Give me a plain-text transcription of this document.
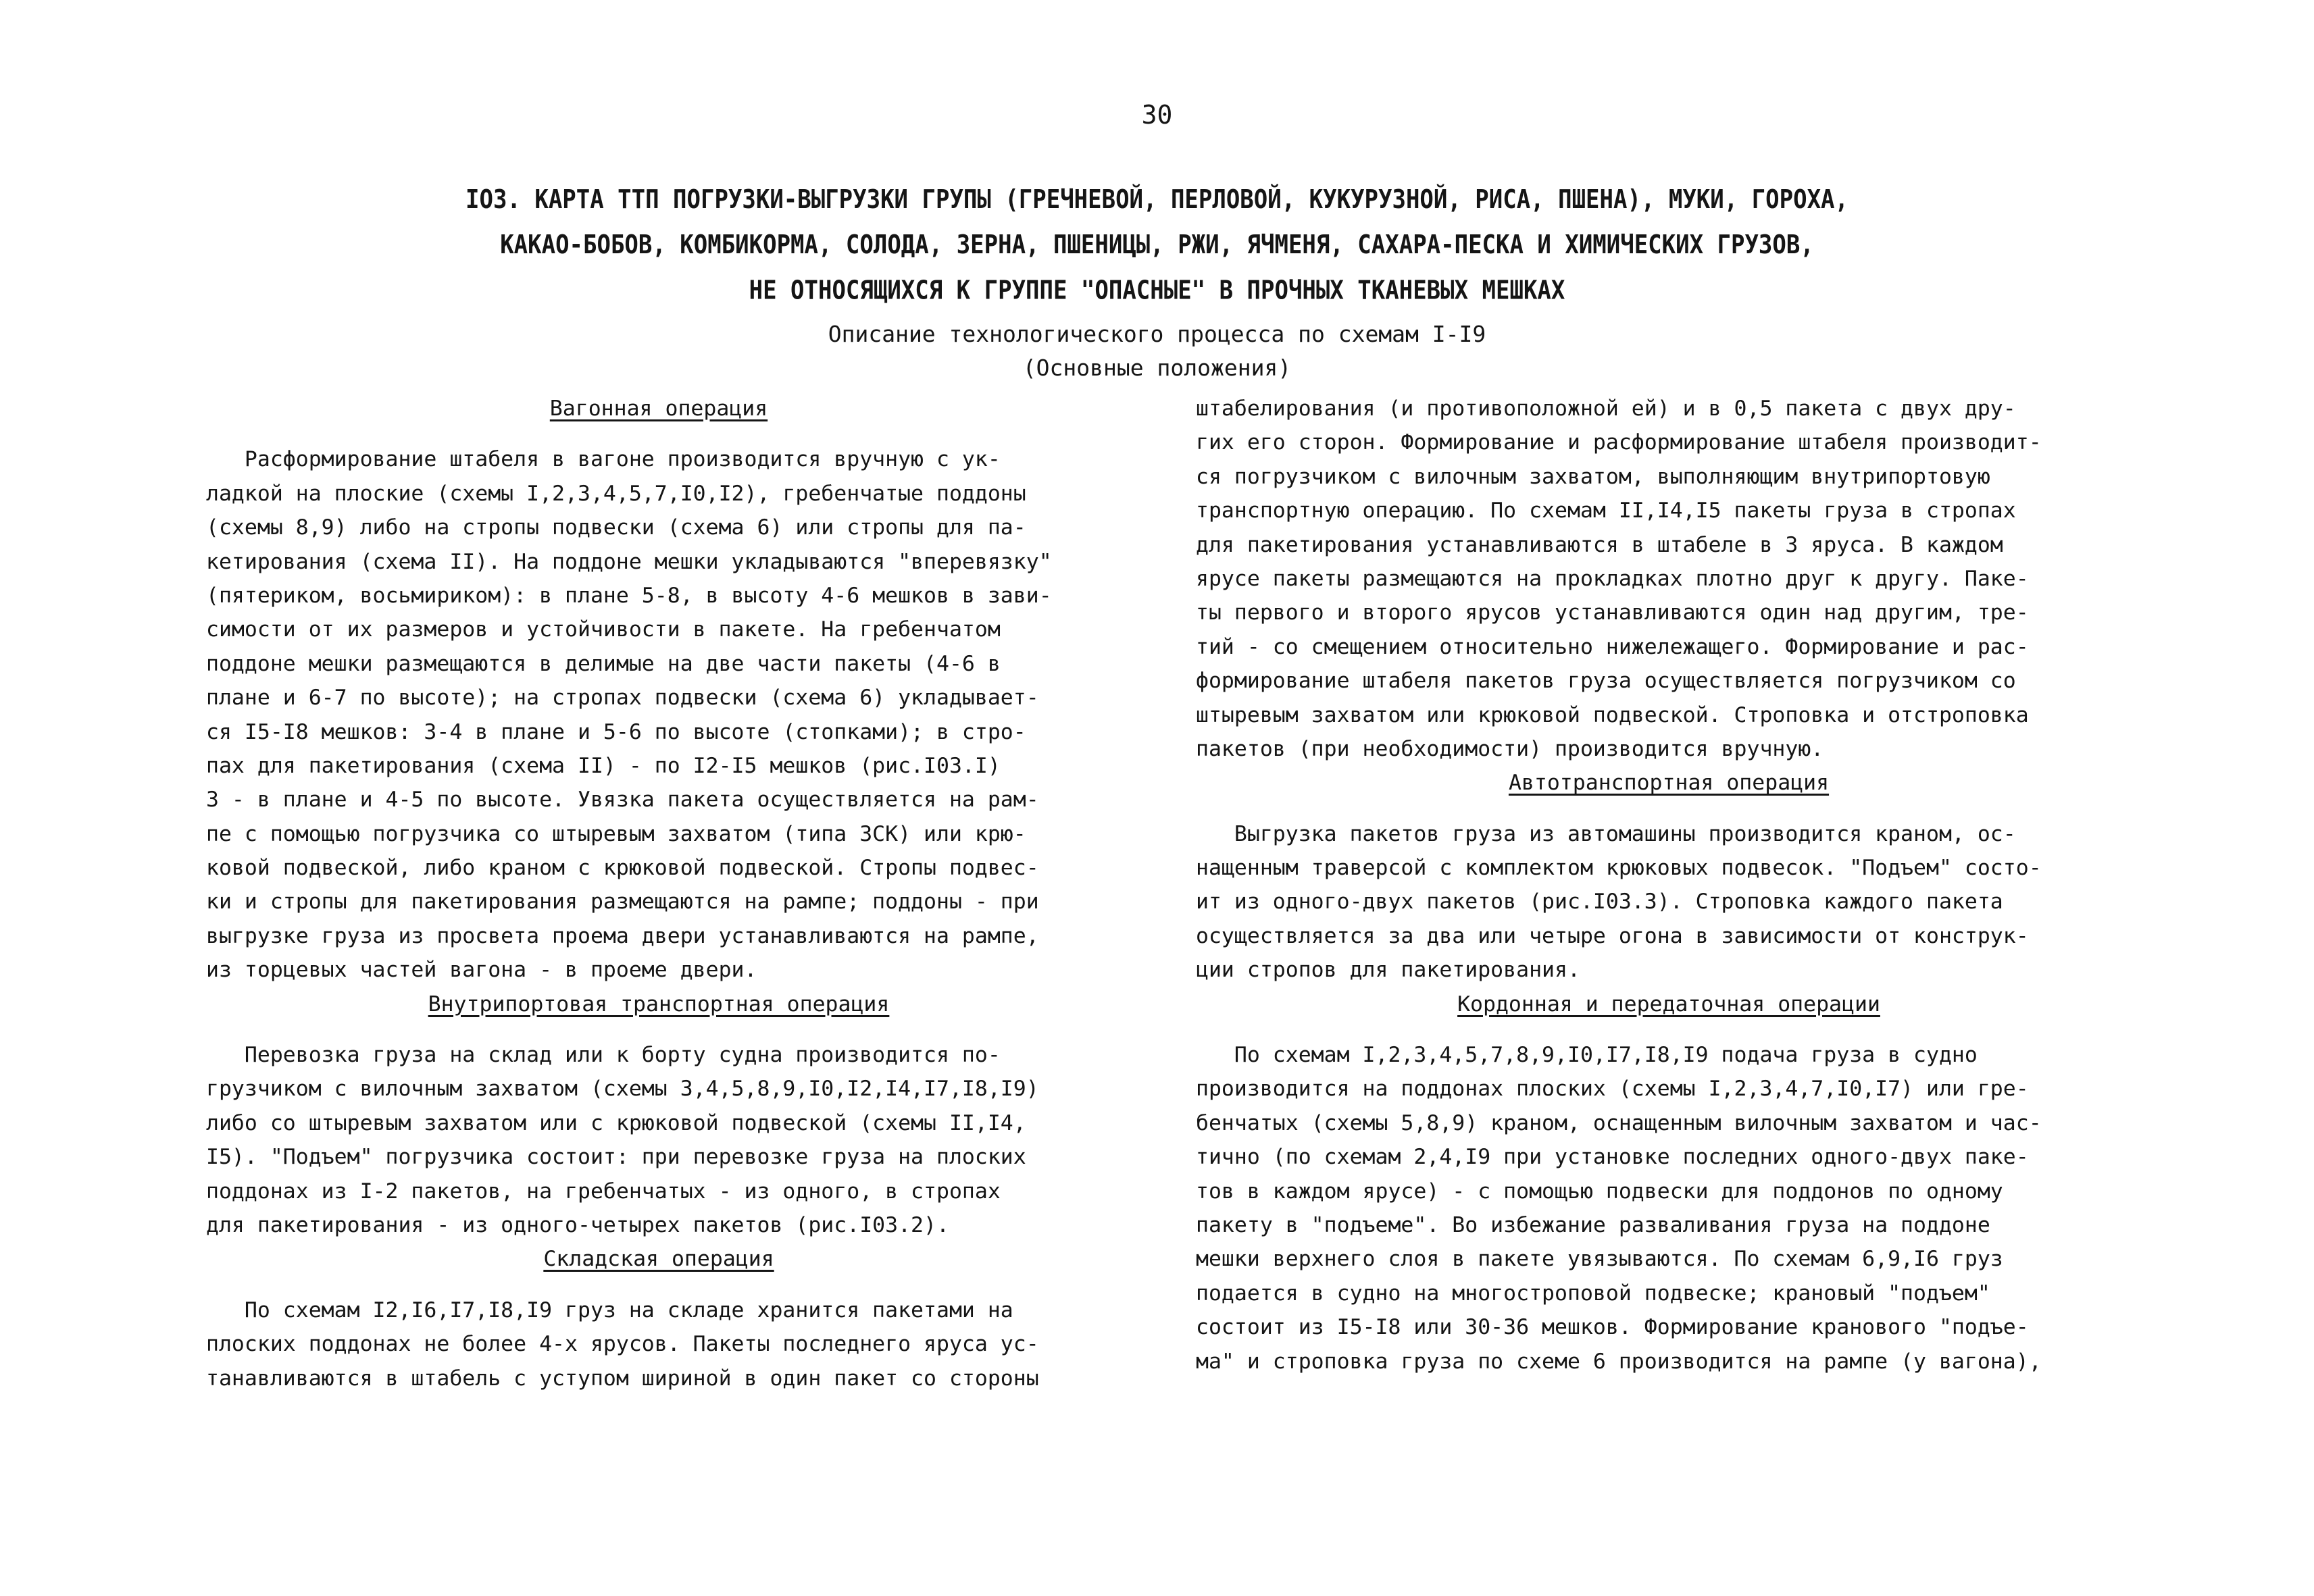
30
IO3. КАРТА ТТП ПОГРУЗКИ-ВЫГРУЗКИ ГРУПЫ (ГРЕЧНЕВОЙ, ПЕРЛОВОЙ, КУКУРУЗНОЙ, РИСА, ПШЕНА), МУКИ, ГОРОХА,
КАКАО-БОБОВ, КОМБИКОРМА, СОЛОДА, ЗЕРНА, ПШЕНИЦЫ, РЖИ, ЯЧМЕНЯ, САХАРА-ПЕСКА И ХИМИЧЕСКИХ ГРУЗОВ,
НЕ ОТНОСЯЩИХСЯ К ГРУППЕ "ОПАСНЫЕ" В ПРОЧНЫХ ТКАНЕВЫХ МЕШКАХ
Описание технологического процесса по схемам I-I9
(Основные положения)
Вагонная операция
Расформирование штабеля в вагоне производится вручную с ук-
ладкой на плоские (схемы I,2,3,4,5,7,I0,I2), гребенчатые поддоны
(схемы 8,9) либо на стропы подвески (схема 6) или стропы для па-
кетирования (схема II). На поддоне мешки укладываются "вперевязку"
(пятериком, восьмириком): в плане 5-8, в высоту 4-6 мешков в зави-
симости от их размеров и устойчивости в пакете. На гребенчатом
поддоне мешки размещаются в делимые на две части пакеты (4-6 в
плане и 6-7 по высоте); на стропах подвески (схема 6) укладывает-
ся I5-I8 мешков: 3-4 в плане и 5-6 по высоте (стопками); в стро-
пах для пакетирования (схема II) - по I2-I5 мешков (рис.I03.I)
3 - в плане и 4-5 по высоте. Увязка пакета осуществляется на рам-
пе с помощью погрузчика со штыревым захватом (типа ЗСК) или крю-
ковой подвеской, либо краном с крюковой подвеской. Стропы подвес-
ки и стропы для пакетирования размещаются на рампе; поддоны - при
выгрузке груза из просвета проема двери устанавливаются на рампе,
из торцевых частей вагона - в проеме двери.
Внутрипортовая транспортная операция
Перевозка груза на склад или к борту судна производится по-
грузчиком с вилочным захватом (схемы 3,4,5,8,9,I0,I2,I4,I7,I8,I9)
либо со штыревым захватом или с крюковой подвеской (схемы II,I4,
I5). "Подъем" погрузчика состоит: при перевозке груза на плоских
поддонах из I-2 пакетов, на гребенчатых - из одного, в стропах
для пакетирования - из одного-четырех пакетов (рис.I03.2).
Складская операция
По схемам I2,I6,I7,I8,I9 груз на складе хранится пакетами на
плоских поддонах не более 4-х ярусов. Пакеты последнего яруса ус-
танавливаются в штабель с уступом шириной в один пакет со стороны
штабелирования (и противоположной ей) и в 0,5 пакета с двух дру-
гих его сторон. Формирование и расформирование штабеля производит-
ся погрузчиком с вилочным захватом, выполняющим внутрипортовую
транспортную операцию. По схемам II,I4,I5 пакеты груза в стропах
для пакетирования устанавливаются в штабеле в 3 яруса. В каждом
ярусе пакеты размещаются на прокладках плотно друг к другу. Паке-
ты первого и второго ярусов устанавливаются один над другим, тре-
тий - со смещением относительно нижележащего. Формирование и рас-
формирование штабеля пакетов груза осуществляется погрузчиком со
штыревым захватом или крюковой подвеской. Строповка и отстроповка
пакетов (при необходимости) производится вручную.
Автотранспортная операция
Выгрузка пакетов груза из автомашины производится краном, ос-
нащенным траверсой с комплектом крюковых подвесок. "Подъем" состо-
ит из одного-двух пакетов (рис.I03.3). Строповка каждого пакета
осуществляется за два или четыре огона в зависимости от конструк-
ции стропов для пакетирования.
Кордонная и передаточная операции
По схемам I,2,3,4,5,7,8,9,I0,I7,I8,I9 подача груза в судно
производится на поддонах плоских (схемы I,2,3,4,7,I0,I7) или гре-
бенчатых (схемы 5,8,9) краном, оснащенным вилочным захватом и час-
тично (по схемам 2,4,I9 при установке последних одного-двух паке-
тов в каждом ярусе) - с помощью подвески для поддонов по одному
пакету в "подъеме". Во избежание разваливания груза на поддоне
мешки верхнего слоя в пакете увязываются. По схемам 6,9,I6 груз
подается в судно на многостроповой подвеске; крановый "подъем"
состоит из I5-I8 или 30-36 мешков. Формирование кранового "подъе-
ма" и строповка груза по схеме 6 производится на рампе (у вагона),
